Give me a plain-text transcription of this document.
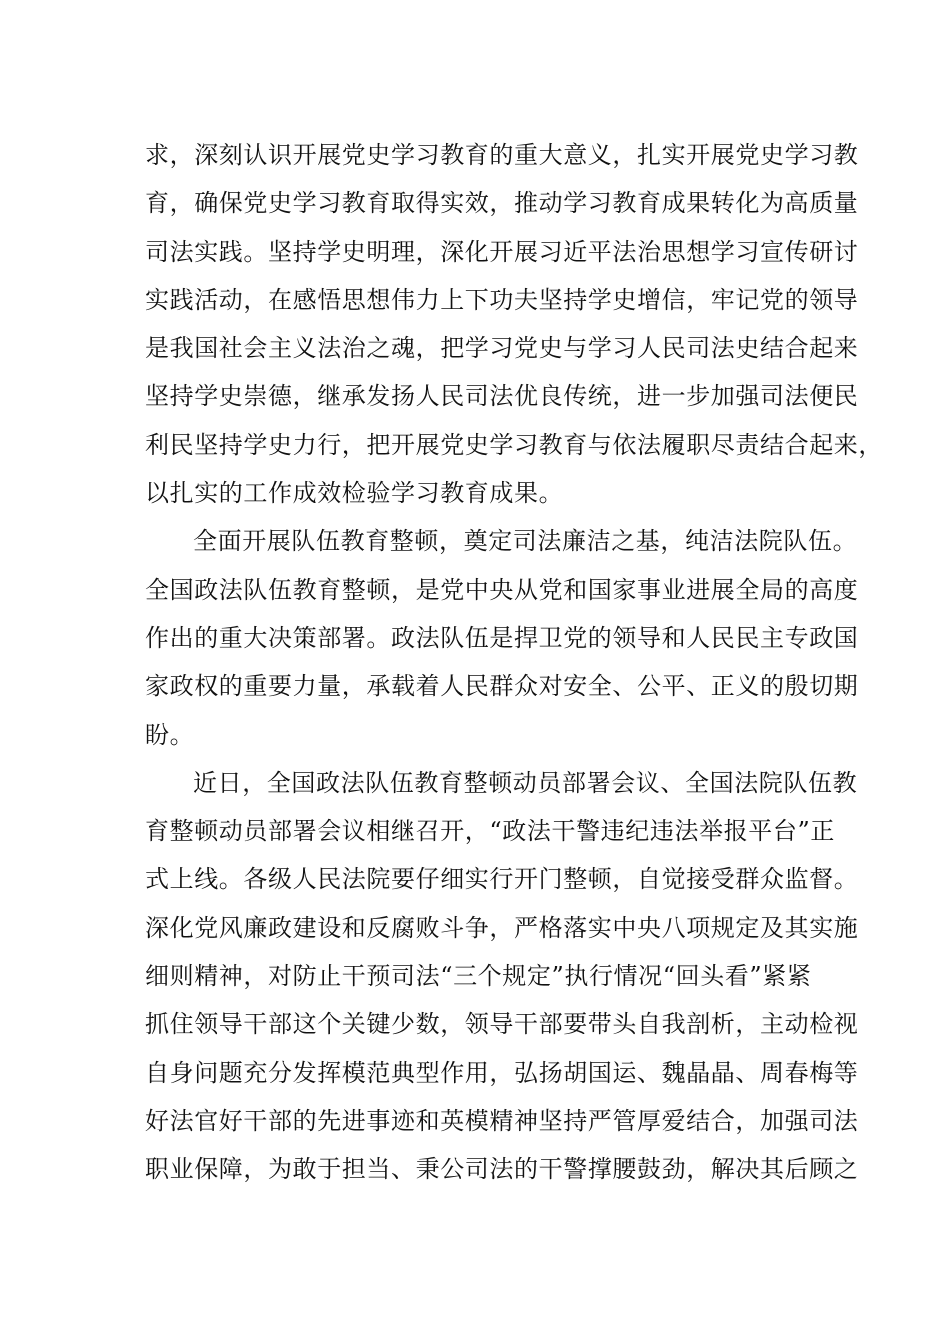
求，深刻认识开展党史学习教育的重大意义，扎实开展党史学习教
育，确保党史学习教育取得实效，推动学习教育成果转化为高质量
司法实践。坚持学史明理，深化开展习近平法治思想学习宣传研讨
实践活动，在感悟思想伟力上下功夫坚持学史增信，牢记党的领导
是我国社会主义法治之魂，把学习党史与学习人民司法史结合起来
坚持学史崇德，继承发扬人民司法优良传统，进一步加强司法便民
利民坚持学史力行，把开展党史学习教育与依法履职尽责结合起来，
以扎实的工作成效检验学习教育成果。
全面开展队伍教育整顿，奠定司法廉洁之基，纯洁法院队伍。
全国政法队伍教育整顿，是党中央从党和国家事业进展全局的高度
作出的重大决策部署。政法队伍是捍卫党的领导和人民民主专政国
家政权的重要力量，承载着人民群众对安全、公平、正义的殷切期
盼。
近日，全国政法队伍教育整顿动员部署会议、全国法院队伍教
育整顿动员部署会议相继召开，“政法干警违纪违法举报平台”正
式上线。各级人民法院要仔细实行开门整顿，自觉接受群众监督。
深化党风廉政建设和反腐败斗争，严格落实中央八项规定及其实施
细则精神，对防止干预司法“三个规定”执行情况“回头看”紧紧
抓住领导干部这个关键少数，领导干部要带头自我剖析，主动检视
自身问题充分发挥模范典型作用，弘扬胡国运、魏晶晶、周春梅等
好法官好干部的先进事迹和英模精神坚持严管厚爱结合，加强司法
职业保障，为敢于担当、秉公司法的干警撑腰鼓劲，解决其后顾之
